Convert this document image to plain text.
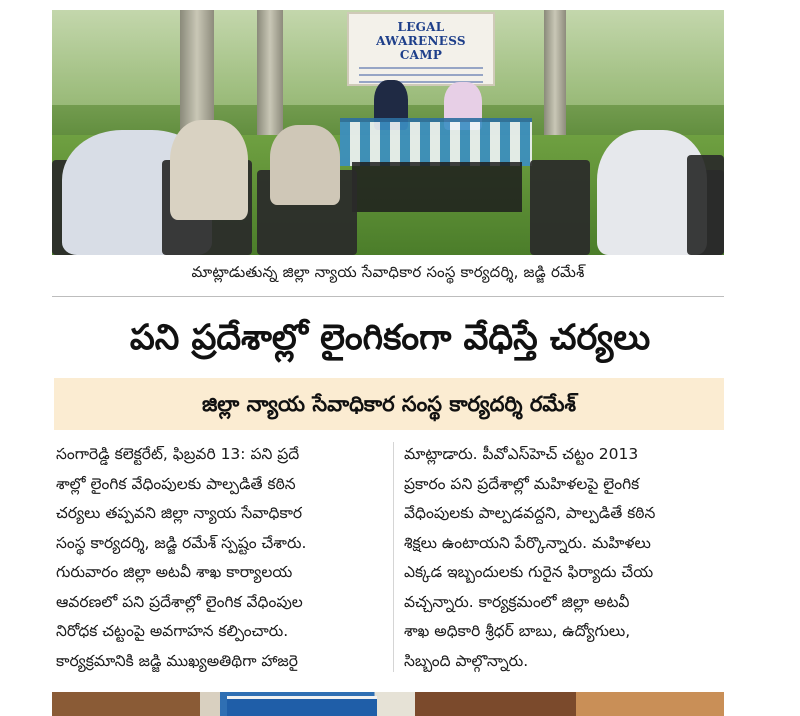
LEGAL AWARENESS CAMP
మాట్లాడుతున్న జిల్లా న్యాయ సేవాధికార సంస్థ కార్యదర్శి, జడ్జి రమేశ్
పని ప్రదేశాల్లో లైంగికంగా వేధిస్తే చర్యలు
జిల్లా న్యాయ సేవాధికార సంస్థ కార్యదర్శి రమేశ్
సంగారెడ్డి కలెక్టరేట్, ఫిబ్రవరి 13: పని ప్రదే
శాల్లో లైంగిక వేధింపులకు పాల్పడితే కఠిన
చర్యలు తప్పవని జిల్లా న్యాయ సేవాధికార
సంస్థ కార్యదర్శి, జడ్జి రమేశ్ స్పష్టం చేశారు.
గురువారం జిల్లా అటవీ శాఖ కార్యాలయ
ఆవరణలో పని ప్రదేశాల్లో లైంగిక వేధింపుల
నిరోధక చట్టంపై అవగాహన కల్పించారు.
కార్యక్రమానికి జడ్జి ముఖ్యఅతిథిగా హాజరై
మాట్లాడారు. పీవోఎస్‌హెచ్ చట్టం 2013
ప్రకారం పని ప్రదేశాల్లో మహిళలపై లైంగిక
వేధింపులకు పాల్పడవద్దని, పాల్పడితే కఠిన
శిక్షలు ఉంటాయని పేర్కొన్నారు. మహిళలు
ఎక్కడ ఇబ్బందులకు గురైన ఫిర్యాదు చేయ
వచ్చన్నారు. కార్యక్రమంలో జిల్లా అటవీ
శాఖ అధికారి శ్రీధర్ బాబు, ఉద్యోగులు,
సిబ్బంది పాల్గొన్నారు.
